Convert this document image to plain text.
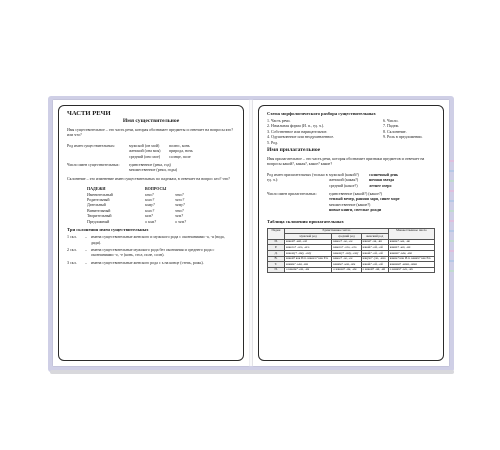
ЧАСТИ РЕЧИ
Имя существительное
Имя существительное – это часть речи, которая обозначает предметы и отвечает на вопросы кто? или что?
Род имен существительных:	мужской (он мой)	полюс, конь
женский (она моя)	природа, ночь
средний (оно мое)	солнце, поле
Число имен существительных:	единственное (река, год)
множественное (реки, годы)
Склонение – это изменение имен существительных по падежам, в отвечает на вопрос кто? что?
ПАДЕЖИ	ВОПРОСЫ
Именительный	кто?	что?
Родительный	кого?	чего?
Дательный	кому?	чему?
Винительный	кого?	что?
Творительный	кем?	чем?
Предложный	о ком?	о чем?
Три склонения имен существительных
1 скл.	–	имена существительные женского и мужского рода с окончаниями -а, -я (вода, дядя).
2 скл.	–	имена существительные мужского рода без окончания и среднего рода с окончаниями -о, -е (конь, стол, поле, солн).
3 скл.	–	имена существительные женского рода с ь на конце (степь, рожь).
Схема морфологического разбора существительных
1. Часть речи.
2. Начальная форма (И. п., ед. ч.).
3. Собственное или нарицательное.
4. Одушевленное или неодушевленное.
5. Род.
6. Число.
7. Падеж.
8. Склонение.
9. Роль в предложении.
Имя прилагательное
Имя прилагательное – это часть речи, которая обозначает признаки предметов и отвечает на вопросы какой?, какая?, какое? какие?
Род имен прилагательных (только в ед. ч.):
мужской (какой?)	солнечный день
женский (какая?)	ночная звезда
средний (какое?)	летнее озеро
Число имен прилагательных:	единственное (какой?) (какое?)
теплый вечер, ранняя заря, синее море
множественное (какие?)
новые книги, светлые дожди
Таблица склонения прилагательных
Падеж	Единственное число			Множественное число
	мужской род	средний род	женский род	
И.	какой? -ый, -ой	какое? -ое, -ее	какая? -ая, -яя	какие? -ые, -ие
Р.	какого? -ого, -его	какого? -ого, -его	какой? -ой, -ей	каких? -ых, -их
Д.	какому? -ому, -ему	какому? -ому, -ему	какой? -ой, -ей	каким? -ым, -им
В.	какой? как И.п. какого? как Р.п.	какое? -ое, -ее	какую? -ую, -юю	какие? как И.п. каких? как Р.п.
Т.	каким? -ым, -им	каким? -ым, -им	какой? -ой, -ей	какими? -ыми, -ими
П.	о каком? -ом, -ем	о каком? -ом, -ем	о какой? -ой, -ей	о каких? -ых, -их
